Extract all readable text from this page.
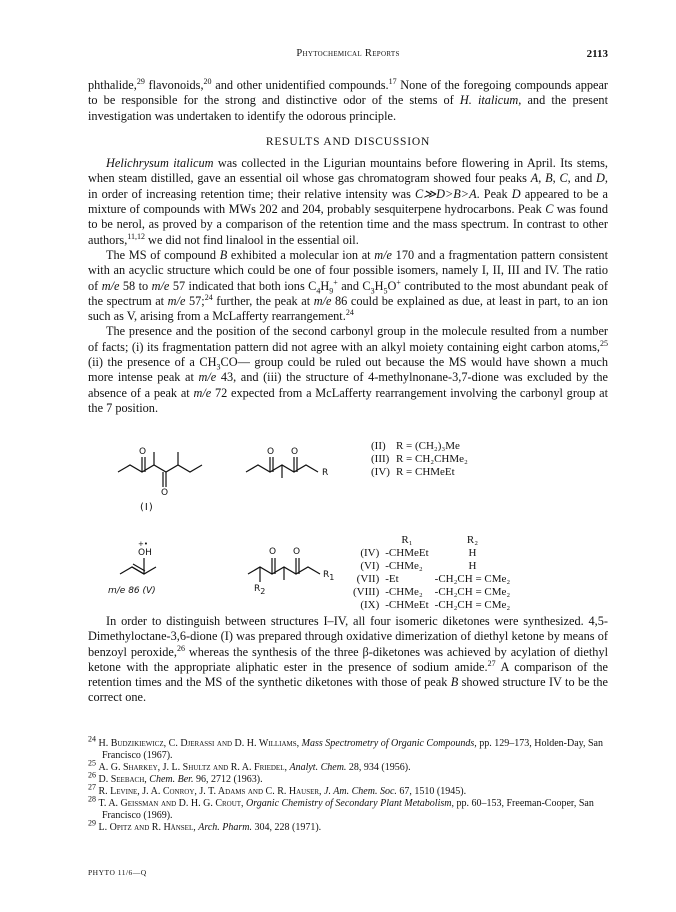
Phytochemical Reports	2113

phthalide,$^{29}$ flavonoids,$^{20}$ and other unidentified compounds.$^{17}$ None of the foregoing compounds appear to be responsible for the strong and distinctive odor of the stems of H. italicum, and the present investigation was undertaken to identify the odorous principle.

RESULTS AND DISCUSSION

Helichrysum italicum was collected in the Ligurian mountains before flowering in April. Its stems, when steam distilled, gave an essential oil whose gas chromatogram showed four peaks A, B, C, and D, in order of increasing retention time; their relative intensity was C≫D>B>A. Peak D appeared to be a mixture of compounds with MWs 202 and 204, probably sesquiterpene hydrocarbons. Peak C was found to be nerol, as proved by a comparison of the retention time and the mass spectrum. In contrast to other authors,$^{11,12}$ we did not find linalool in the essential oil.

The MS of compound B exhibited a molecular ion at m/e 170 and a fragmentation pattern consistent with an acyclic structure which could be one of four possible isomers, namely I, II, III and IV. The ratio of m/e 58 to m/e 57 indicated that both ions $C_4H_9^+$ and $C_3H_5O^+$ contributed to the most abundant peak of the spectrum at m/e 57;$^{24}$ further, the peak at m/e 86 could be explained as due, at least in part, to an ion such as V, arising from a McLafferty rearrangement.$^{24}$

The presence and the position of the second carbonyl group in the molecule resulted from a number of facts; (i) its fragmentation pattern did not agree with an alkyl moiety containing eight carbon atoms,$^{25}$ (ii) the presence of a $CH_3CO—$ group could be ruled out because the MS would have shown a much more intense peak at m/e 43, and (iii) the structure of 4-methylnonane-3,7-dione was excluded by the absence of a peak at m/e 72 expected from a McLafferty rearrangement involving the carbonyl group at the 7 position.

O
O
O O
R
(I)
+•
OH
m/e 86 (V)
O O
$R_1$
$R_2$
(II)	R = (CH₂)₃Me
(III)	R = CH₂CHMe₂
(IV)	R = CHMeEt
	R₁	R₂
(IV)	-CHMeEt	H
(VI)	-CHMe₂	H
(VII)	-Et	-CH₂CH = CMe₂
(VIII)	-CHMe₂	-CH₂CH = CMe₂
(IX)	-CHMeEt	-CH₂CH = CMe₂

In order to distinguish between structures I–IV, all four isomeric diketones were synthesized. 4,5-Dimethyloctane-3,6-dione (I) was prepared through oxidative dimerization of diethyl ketone by means of benzoyl peroxide,$^{26}$ whereas the synthesis of the three β-diketones was achieved by acylation of diethyl ketone with the appropriate aliphatic ester in the presence of sodium amide.$^{27}$ A comparison of the retention times and the MS of the synthetic diketones with those of peak B showed structure IV to be the correct one.

$^{24}$ H. Budzikiewicz, C. Djerassi and D. H. Williams, Mass Spectrometry of Organic Compounds, pp. 129–173, Holden-Day, San Francisco (1967).

$^{25}$ A. G. Sharkey, J. L. Shultz and R. A. Friedel, Analyt. Chem. 28, 934 (1956).

$^{26}$ D. Seebach, Chem. Ber. 96, 2712 (1963).

$^{27}$ R. Levine, J. A. Conroy, J. T. Adams and C. R. Hauser, J. Am. Chem. Soc. 67, 1510 (1945).

$^{28}$ T. A. Geissman and D. H. G. Crout, Organic Chemistry of Secondary Plant Metabolism, pp. 60–153, Freeman-Cooper, San Francisco (1969).

$^{29}$ L. Opitz and R. Hänsel, Arch. Pharm. 304, 228 (1971).

PHYTO 11/6—Q
